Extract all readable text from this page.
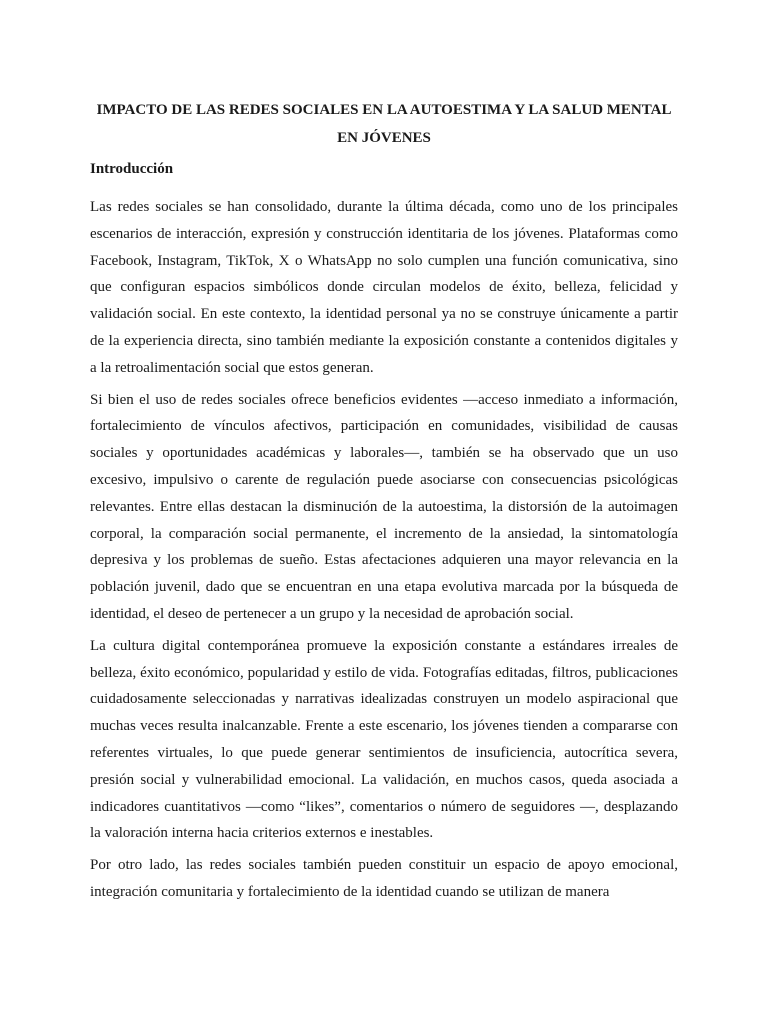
IMPACTO DE LAS REDES SOCIALES EN LA AUTOESTIMA Y LA SALUD MENTAL EN JÓVENES
Introducción

Las redes sociales se han consolidado, durante la última década, como uno de los principales escenarios de interacción, expresión y construcción identitaria de los jóvenes. Plataformas como Facebook, Instagram, TikTok, X o WhatsApp no solo cumplen una función comunicativa, sino que configuran espacios simbólicos donde circulan modelos de éxito, belleza, felicidad y validación social. En este contexto, la identidad personal ya no se construye únicamente a partir de la experiencia directa, sino también mediante la exposición constante a contenidos digitales y a la retroalimentación social que estos generan.

Si bien el uso de redes sociales ofrece beneficios evidentes —acceso inmediato a información, fortalecimiento de vínculos afectivos, participación en comunidades, visibilidad de causas sociales y oportunidades académicas y laborales—, también se ha observado que un uso excesivo, impulsivo o carente de regulación puede asociarse con consecuencias psicológicas relevantes. Entre ellas destacan la disminución de la autoestima, la distorsión de la autoimagen corporal, la comparación social permanente, el incremento de la ansiedad, la sintomatología depresiva y los problemas de sueño. Estas afectaciones adquieren una mayor relevancia en la población juvenil, dado que se encuentran en una etapa evolutiva marcada por la búsqueda de identidad, el deseo de pertenecer a un grupo y la necesidad de aprobación social.

La cultura digital contemporánea promueve la exposición constante a estándares irreales de belleza, éxito económico, popularidad y estilo de vida. Fotografías editadas, filtros, publicaciones cuidadosamente seleccionadas y narrativas idealizadas construyen un modelo aspiracional que muchas veces resulta inalcanzable. Frente a este escenario, los jóvenes tienden a compararse con referentes virtuales, lo que puede generar sentimientos de insuficiencia, autocrítica severa, presión social y vulnerabilidad emocional. La validación, en muchos casos, queda asociada a indicadores cuantitativos —como “likes”, comentarios o número de seguidores —, desplazando la valoración interna hacia criterios externos e inestables.

Por otro lado, las redes sociales también pueden constituir un espacio de apoyo emocional, integración comunitaria y fortalecimiento de la identidad cuando se utilizan de manera
